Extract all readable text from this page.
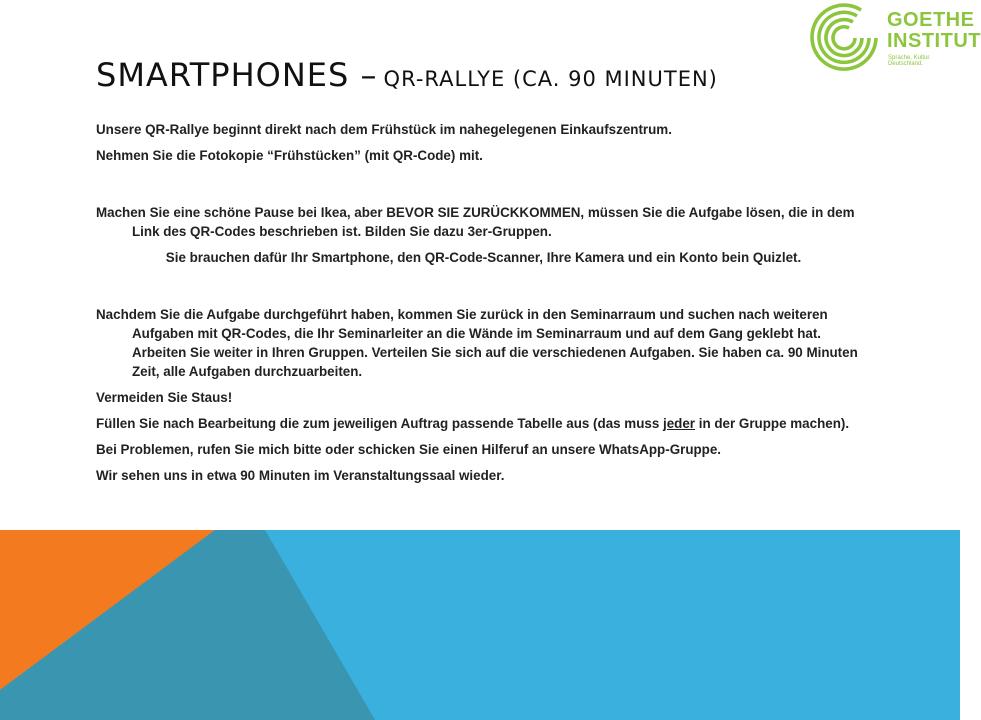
GOETHE
INSTITUT
Sprache. Kultur. Deutschland.
SMARTPHONES – QR-RALLYE (CA. 90 MINUTEN)

Unsere QR-Rallye beginnt direkt nach dem Frühstück im nahegelegenen Einkaufszentrum.

Nehmen Sie die Fotokopie “Frühstücken” (mit QR-Code) mit.

Machen Sie eine schöne Pause bei Ikea, aber BEVOR SIE ZURÜCKKOMMEN, müssen Sie die Aufgabe lösen, die in dem Link des QR-Codes beschrieben ist. Bilden Sie dazu 3er-Gruppen.

Sie brauchen dafür Ihr Smartphone, den QR-Code-Scanner, Ihre Kamera und ein Konto bein Quizlet.

Nachdem Sie die Aufgabe durchgeführt haben, kommen Sie zurück in den Seminarraum und suchen nach weiteren Aufgaben mit QR-Codes, die Ihr Seminarleiter an die Wände im Seminarraum und auf dem Gang geklebt hat. Arbeiten Sie weiter in Ihren Gruppen. Verteilen Sie sich auf die verschiedenen Aufgaben. Sie haben ca. 90 Minuten Zeit, alle Aufgaben durchzuarbeiten.

Vermeiden Sie Staus!

Füllen Sie nach Bearbeitung die zum jeweiligen Auftrag passende Tabelle aus (das muss jeder in der Gruppe machen).

Bei Problemen, rufen Sie mich bitte oder schicken Sie einen Hilferuf an unsere WhatsApp-Gruppe.

Wir sehen uns in etwa 90 Minuten im Veranstaltungssaal wieder.
